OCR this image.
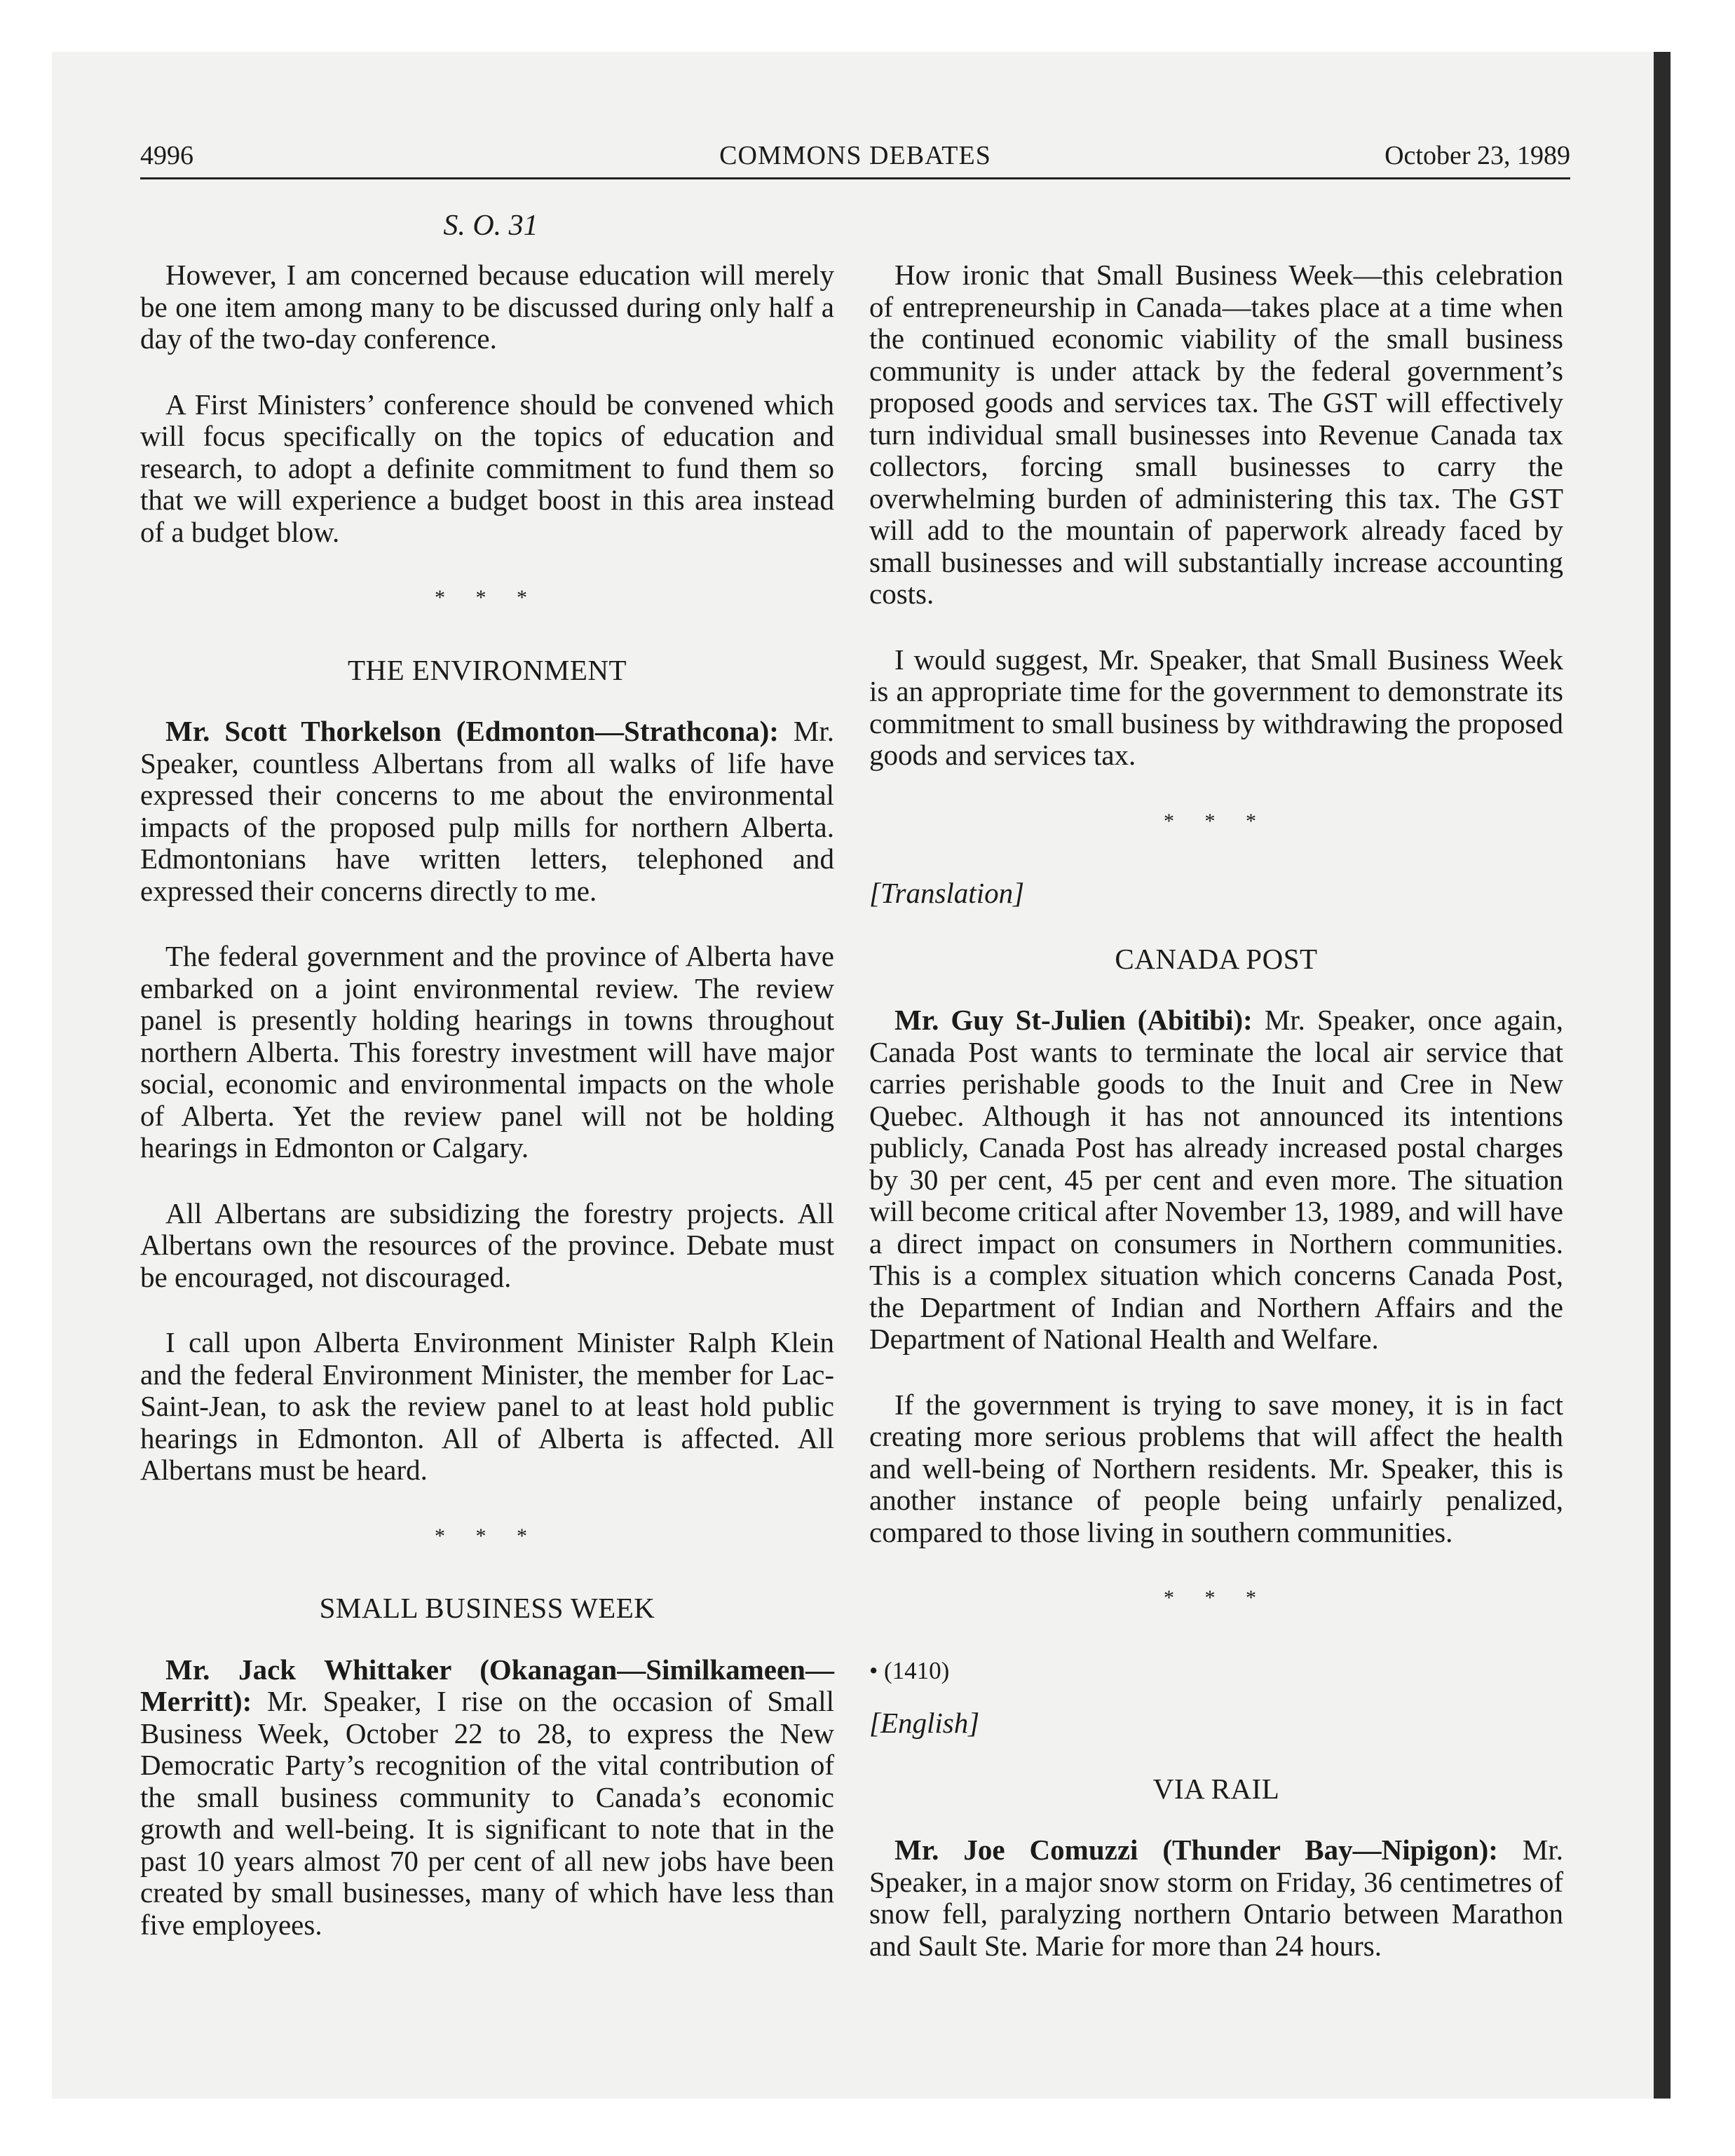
4996	COMMONS DEBATES	October 23, 1989
S. O. 31

However, I am concerned because education will merely be one item among many to be discussed during only half a day of the two-day conference.

A First Ministers’ conference should be convened which will focus specifically on the topics of education and research, to adopt a definite commitment to fund them so that we will experience a budget boost in this area instead of a budget blow.

* * *
THE ENVIRONMENT

Mr. Scott Thorkelson (Edmonton—Strathcona): Mr. Speaker, countless Albertans from all walks of life have expressed their concerns to me about the environmental impacts of the proposed pulp mills for northern Alberta. Edmontonians have written letters, telephoned and expressed their concerns directly to me.

The federal government and the province of Alberta have embarked on a joint environmental review. The review panel is presently holding hearings in towns throughout northern Alberta. This forestry investment will have major social, economic and environmental impacts on the whole of Alberta. Yet the review panel will not be holding hearings in Edmonton or Calgary.

All Albertans are subsidizing the forestry projects. All Albertans own the resources of the province. Debate must be encouraged, not discouraged.

I call upon Alberta Environment Minister Ralph Klein and the federal Environment Minister, the member for Lac-Saint-Jean, to ask the review panel to at least hold public hearings in Edmonton. All of Alberta is affected. All Albertans must be heard.

* * *
SMALL BUSINESS WEEK

Mr. Jack Whittaker (Okanagan—Similkameen—Merritt): Mr. Speaker, I rise on the occasion of Small Business Week, October 22 to 28, to express the New Democratic Party’s recognition of the vital contribution of the small business community to Canada’s economic growth and well-being. It is significant to note that in the past 10 years almost 70 per cent of all new jobs have been created by small businesses, many of which have less than five employees.

How ironic that Small Business Week—this celebration of entrepreneurship in Canada—takes place at a time when the continued economic viability of the small business community is under attack by the federal government’s proposed goods and services tax. The GST will effectively turn individual small businesses into Revenue Canada tax collectors, forcing small businesses to carry the overwhelming burden of administering this tax. The GST will add to the mountain of paperwork already faced by small businesses and will substantially increase accounting costs.

I would suggest, Mr. Speaker, that Small Business Week is an appropriate time for the government to demonstrate its commitment to small business by withdrawing the proposed goods and services tax.

* * *
[Translation]
CANADA POST

Mr. Guy St-Julien (Abitibi): Mr. Speaker, once again, Canada Post wants to terminate the local air service that carries perishable goods to the Inuit and Cree in New Quebec. Although it has not announced its intentions publicly, Canada Post has already increased postal charges by 30 per cent, 45 per cent and even more. The situation will become critical after November 13, 1989, and will have a direct impact on consumers in Northern communities. This is a complex situation which concerns Canada Post, the Department of Indian and Northern Affairs and the Department of National Health and Welfare.

If the government is trying to save money, it is in fact creating more serious problems that will affect the health and well-being of Northern residents. Mr. Speaker, this is another instance of people being unfairly penalized, compared to those living in southern communities.

* * *
• (1410)
[English]
VIA RAIL

Mr. Joe Comuzzi (Thunder Bay—Nipigon): Mr. Speaker, in a major snow storm on Friday, 36 centimetres of snow fell, paralyzing northern Ontario between Marathon and Sault Ste. Marie for more than 24 hours.
